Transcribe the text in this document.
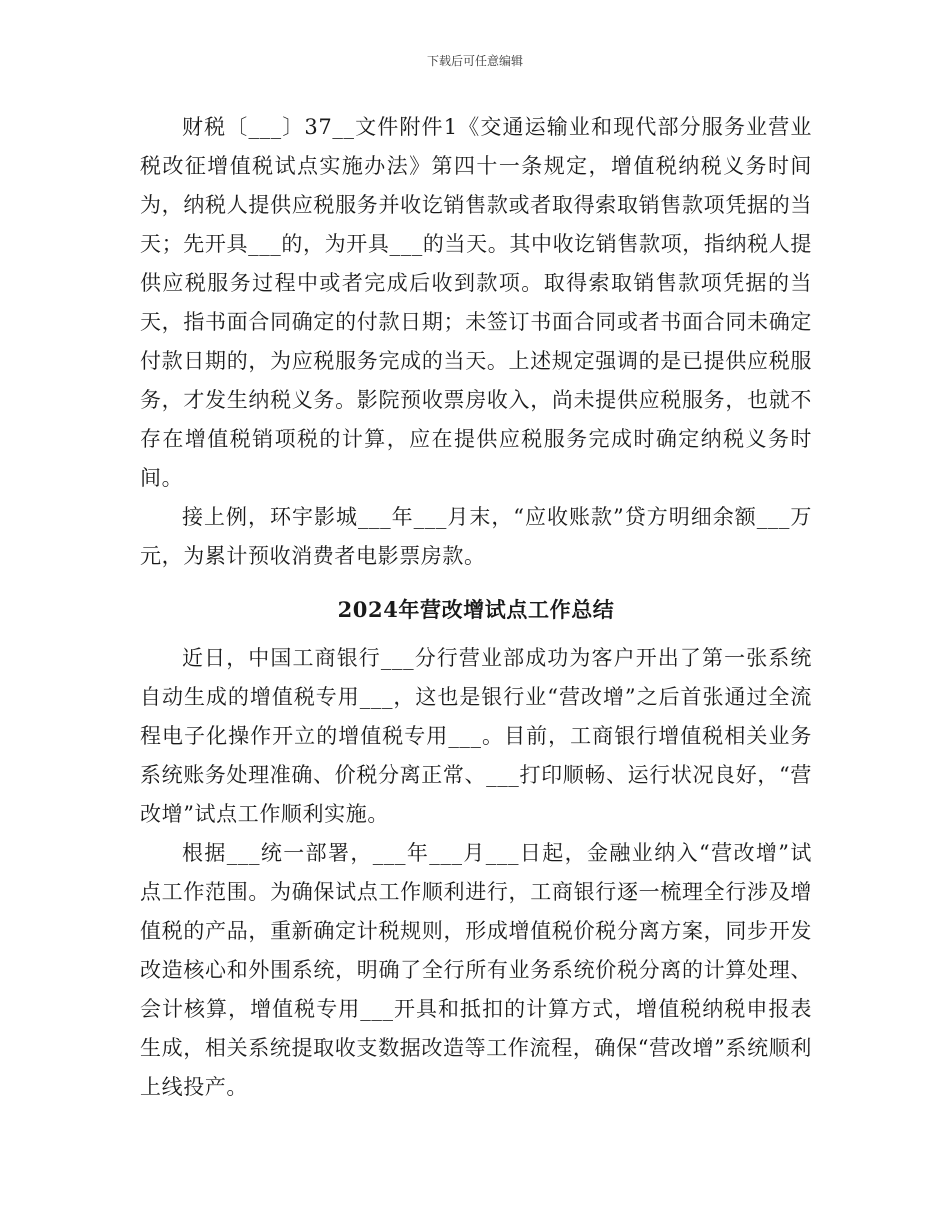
下载后可任意编辑

财税〔___〕37__文件附件1《交通运输业和现代部分服务业营业税改征增值税试点实施办法》第四十一条规定，增值税纳税义务时间为，纳税人提供应税服务并收讫销售款或者取得索取销售款项凭据的当天；先开具___的，为开具___的当天。其中收讫销售款项，指纳税人提供应税服务过程中或者完成后收到款项。取得索取销售款项凭据的当天，指书面合同确定的付款日期；未签订书面合同或者书面合同未确定付款日期的，为应税服务完成的当天。上述规定强调的是已提供应税服务，才发生纳税义务。影院预收票房收入，尚未提供应税服务，也就不存在增值税销项税的计算，应在提供应税服务完成时确定纳税义务时间。

接上例，环宇影城___年___月末，“应收账款”贷方明细余额___万元，为累计预收消费者电影票房款。

2024年营改增试点工作总结

近日，中国工商银行___分行营业部成功为客户开出了第一张系统自动生成的增值税专用___，这也是银行业“营改增”之后首张通过全流程电子化操作开立的增值税专用___。目前，工商银行增值税相关业务系统账务处理准确、价税分离正常、___打印顺畅、运行状况良好，“营改增”试点工作顺利实施。

根据___统一部署，___年___月___日起，金融业纳入“营改增”试点工作范围。为确保试点工作顺利进行，工商银行逐一梳理全行涉及增值税的产品，重新确定计税规则，形成增值税价税分离方案，同步开发改造核心和外围系统，明确了全行所有业务系统价税分离的计算处理、会计核算，增值税专用___开具和抵扣的计算方式，增值税纳税申报表生成，相关系统提取收支数据改造等工作流程，确保“营改增”系统顺利上线投产。
